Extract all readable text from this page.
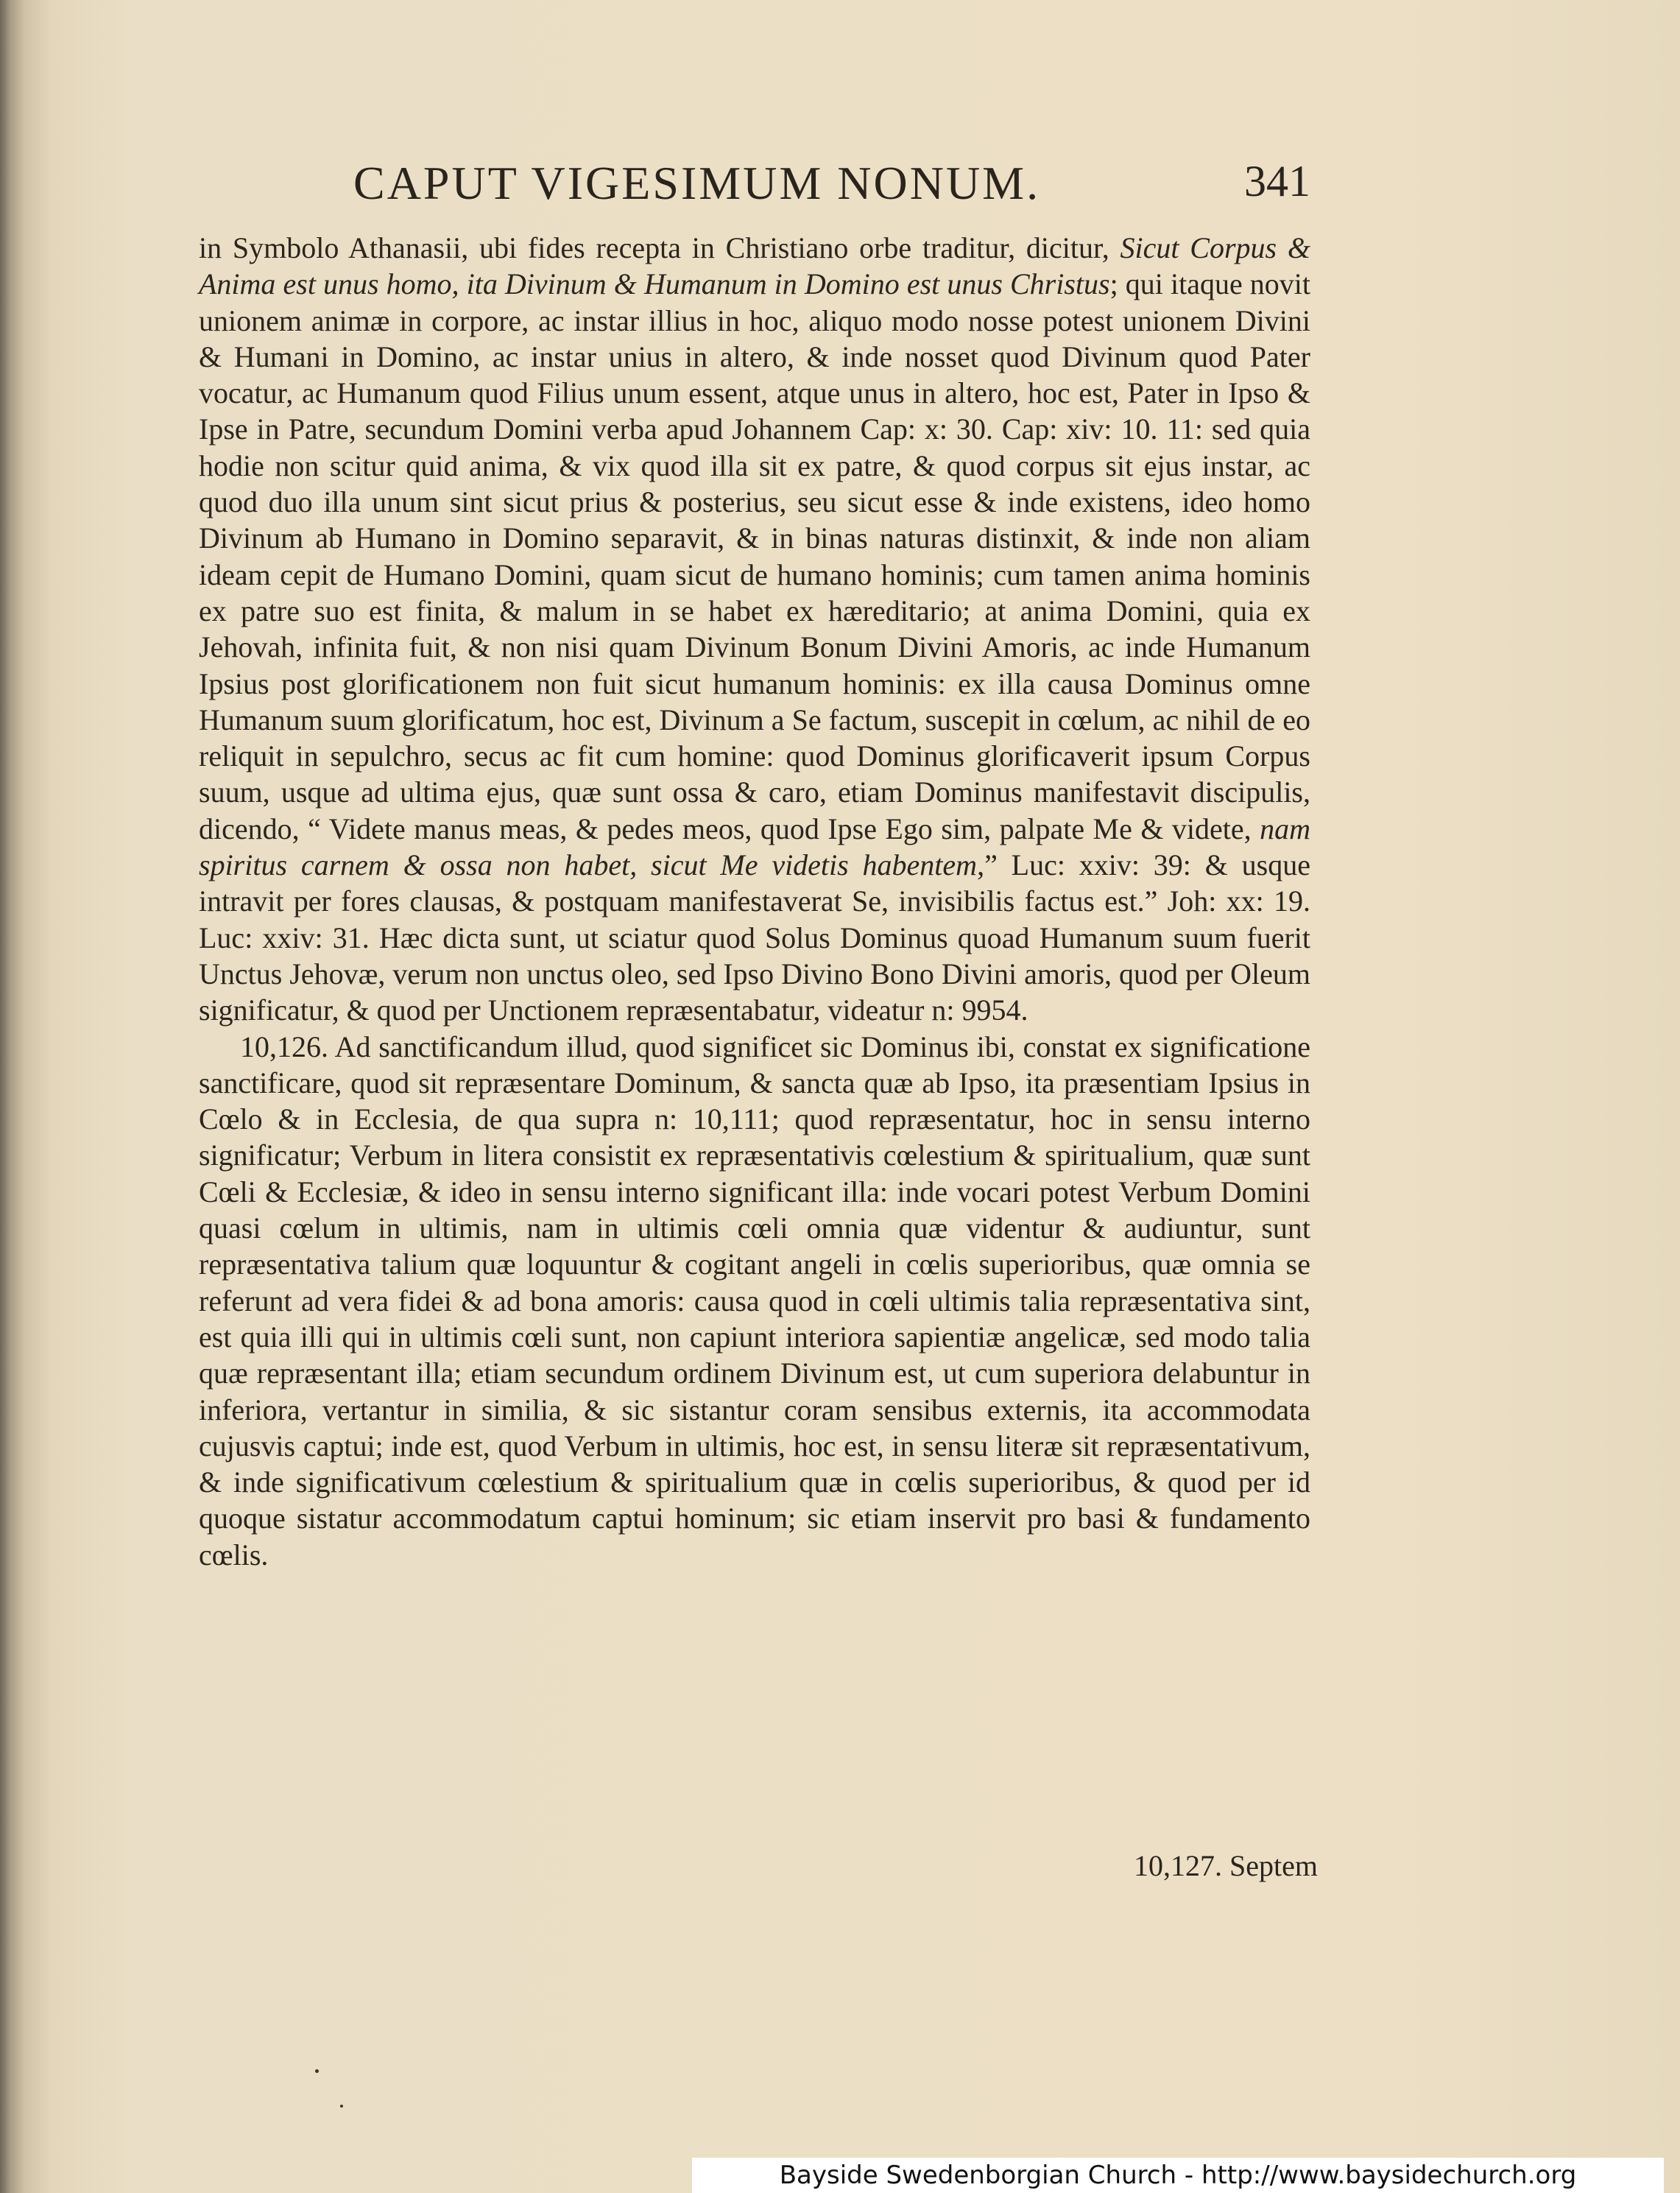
CAPUT VIGESIMUM NONUM.	341

in Symbolo Athanasii, ubi fides recepta in Christiano orbe traditur, dicitur, Sicut Corpus & Anima est unus homo, ita Divinum & Humanum in Domino est unus Christus; qui itaque novit unionem animæ in corpore, ac instar illius in hoc, aliquo modo nosse potest unionem Divini & Humani in Domino, ac instar unius in altero, & inde nosset quod Divinum quod Pater vocatur, ac Humanum quod Filius unum essent, atque unus in altero, hoc est, Pater in Ipso & Ipse in Patre, secundum Domini verba apud Johannem Cap: x: 30. Cap: xiv: 10. 11: sed quia hodie non scitur quid anima, & vix quod illa sit ex patre, & quod corpus sit ejus instar, ac quod duo illa unum sint sicut prius & posterius, seu sicut esse & inde existens, ideo homo Divinum ab Humano in Domino separavit, & in binas naturas distinxit, & inde non aliam ideam cepit de Humano Domini, quam sicut de humano hominis; cum tamen anima hominis ex patre suo est finita, & malum in se habet ex hæreditario; at anima Domini, quia ex Jehovah, infinita fuit, & non nisi quam Divinum Bonum Divini Amoris, ac inde Humanum Ipsius post glorificationem non fuit sicut humanum hominis: ex illa causa Dominus omne Humanum suum glorificatum, hoc est, Divinum a Se factum, suscepit in cœlum, ac nihil de eo reliquit in sepulchro, secus ac fit cum homine: quod Dominus glorificaverit ipsum Corpus suum, usque ad ultima ejus, quæ sunt ossa & caro, etiam Dominus manifestavit discipulis, dicendo, “ Videte manus meas, & pedes meos, quod Ipse Ego sim, palpate Me & videte, nam spiritus carnem & ossa non habet, sicut Me videtis habentem,” Luc: xxiv: 39: & usque intravit per fores clausas, & postquam manifestaverat Se, invisibilis factus est.” Joh: xx: 19. Luc: xxiv: 31. Hæc dicta sunt, ut sciatur quod Solus Dominus quoad Humanum suum fuerit Unctus Jehovæ, verum non unctus oleo, sed Ipso Divino Bono Divini amoris, quod per Oleum significatur, & quod per Unctionem repræsentabatur, videatur n: 9954.

10,126. Ad sanctificandum illud, quod significet sic Dominus ibi, constat ex significatione sanctificare, quod sit repræsentare Dominum, & sancta quæ ab Ipso, ita præsentiam Ipsius in Cœlo & in Ecclesia, de qua supra n: 10,111; quod repræsentatur, hoc in sensu interno significatur; Verbum in litera consistit ex repræsentativis cœlestium & spiritualium, quæ sunt Cœli & Ecclesiæ, & ideo in sensu interno significant illa: inde vocari potest Verbum Domini quasi cœlum in ultimis, nam in ultimis cœli omnia quæ videntur & audiuntur, sunt repræsentativa talium quæ loquuntur & cogitant angeli in cœlis superioribus, quæ omnia se referunt ad vera fidei & ad bona amoris: causa quod in cœli ultimis talia repræsentativa sint, est quia illi qui in ultimis cœli sunt, non capiunt interiora sapientiæ angelicæ, sed modo talia quæ repræsentant illa; etiam secundum ordinem Divinum est, ut cum superiora delabuntur in inferiora, vertantur in similia, & sic sistantur coram sensibus externis, ita accommodata cujusvis captui; inde est, quod Verbum in ultimis, hoc est, in sensu literæ sit repræsentativum, & inde significativum cœlestium & spiritualium quæ in cœlis superioribus, & quod per id quoque sistatur accommodatum captui hominum; sic etiam inservit pro basi & fundamento cœlis.

10,127. Septem
Bayside Swedenborgian Church - http://www.baysidechurch.org
